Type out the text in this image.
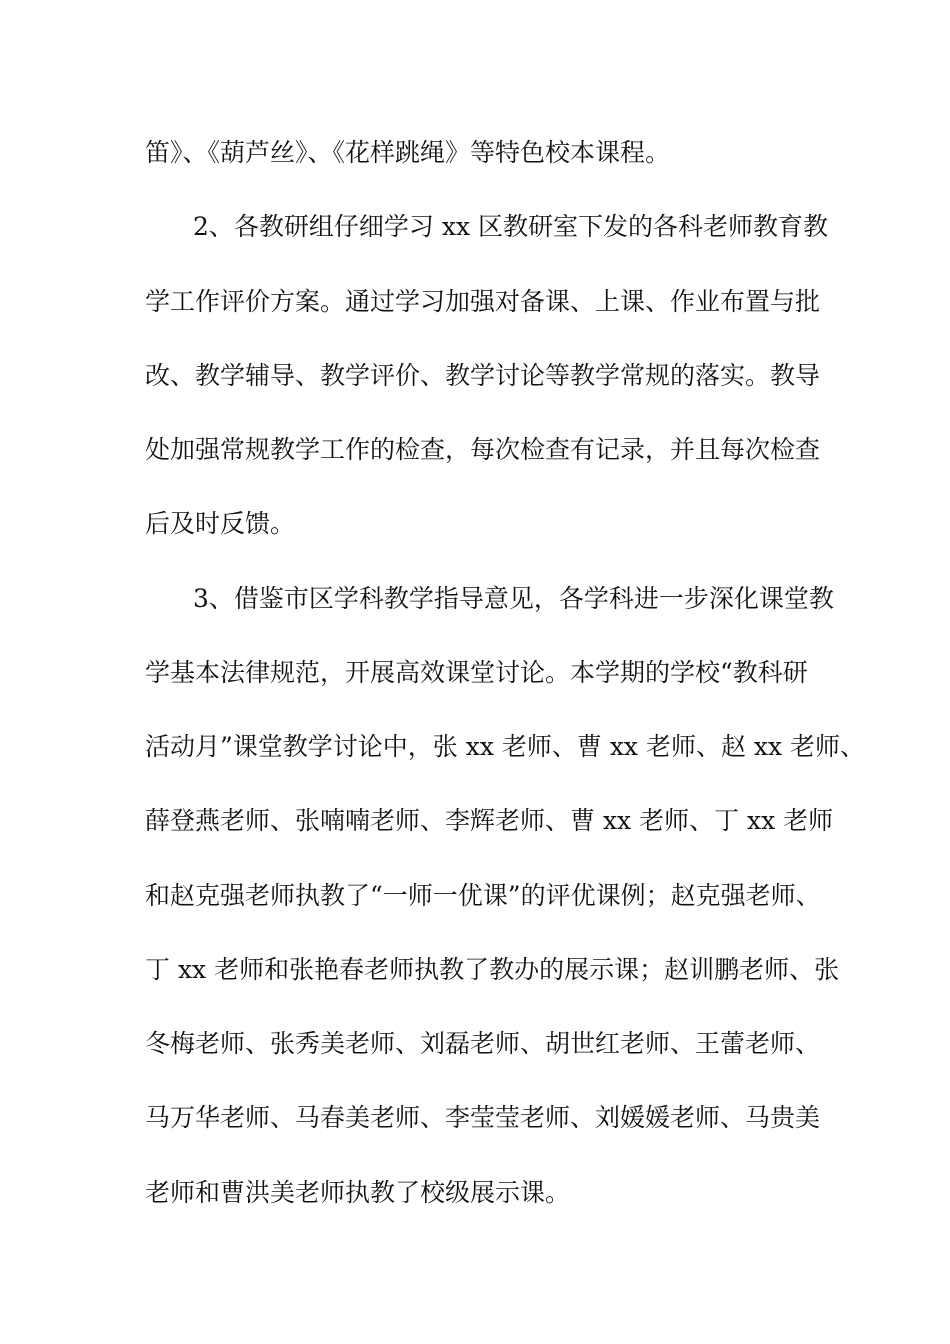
笛》、《葫芦丝》、《花样跳绳》等特色校本课程。
2、各教研组仔细学习 xx 区教研室下发的各科老师教育教
学工作评价方案。通过学习加强对备课、上课、作业布置与批
改、教学辅导、教学评价、教学讨论等教学常规的落实。教导
处加强常规教学工作的检查，每次检查有记录，并且每次检查
后及时反馈。
3、借鉴市区学科教学指导意见，各学科进一步深化课堂教
学基本法律规范，开展高效课堂讨论。本学期的学校“教科研
活动月”课堂教学讨论中，张 xx 老师、曹 xx 老师、赵 xx 老师、
薛登燕老师、张喃喃老师、李辉老师、曹 xx 老师、丁 xx 老师
和赵克强老师执教了“一师一优课”的评优课例；赵克强老师、
丁 xx 老师和张艳春老师执教了教办的展示课；赵训鹏老师、张
冬梅老师、张秀美老师、刘磊老师、胡世红老师、王蕾老师、
马万华老师、马春美老师、李莹莹老师、刘媛媛老师、马贵美
老师和曹洪美老师执教了校级展示课。
